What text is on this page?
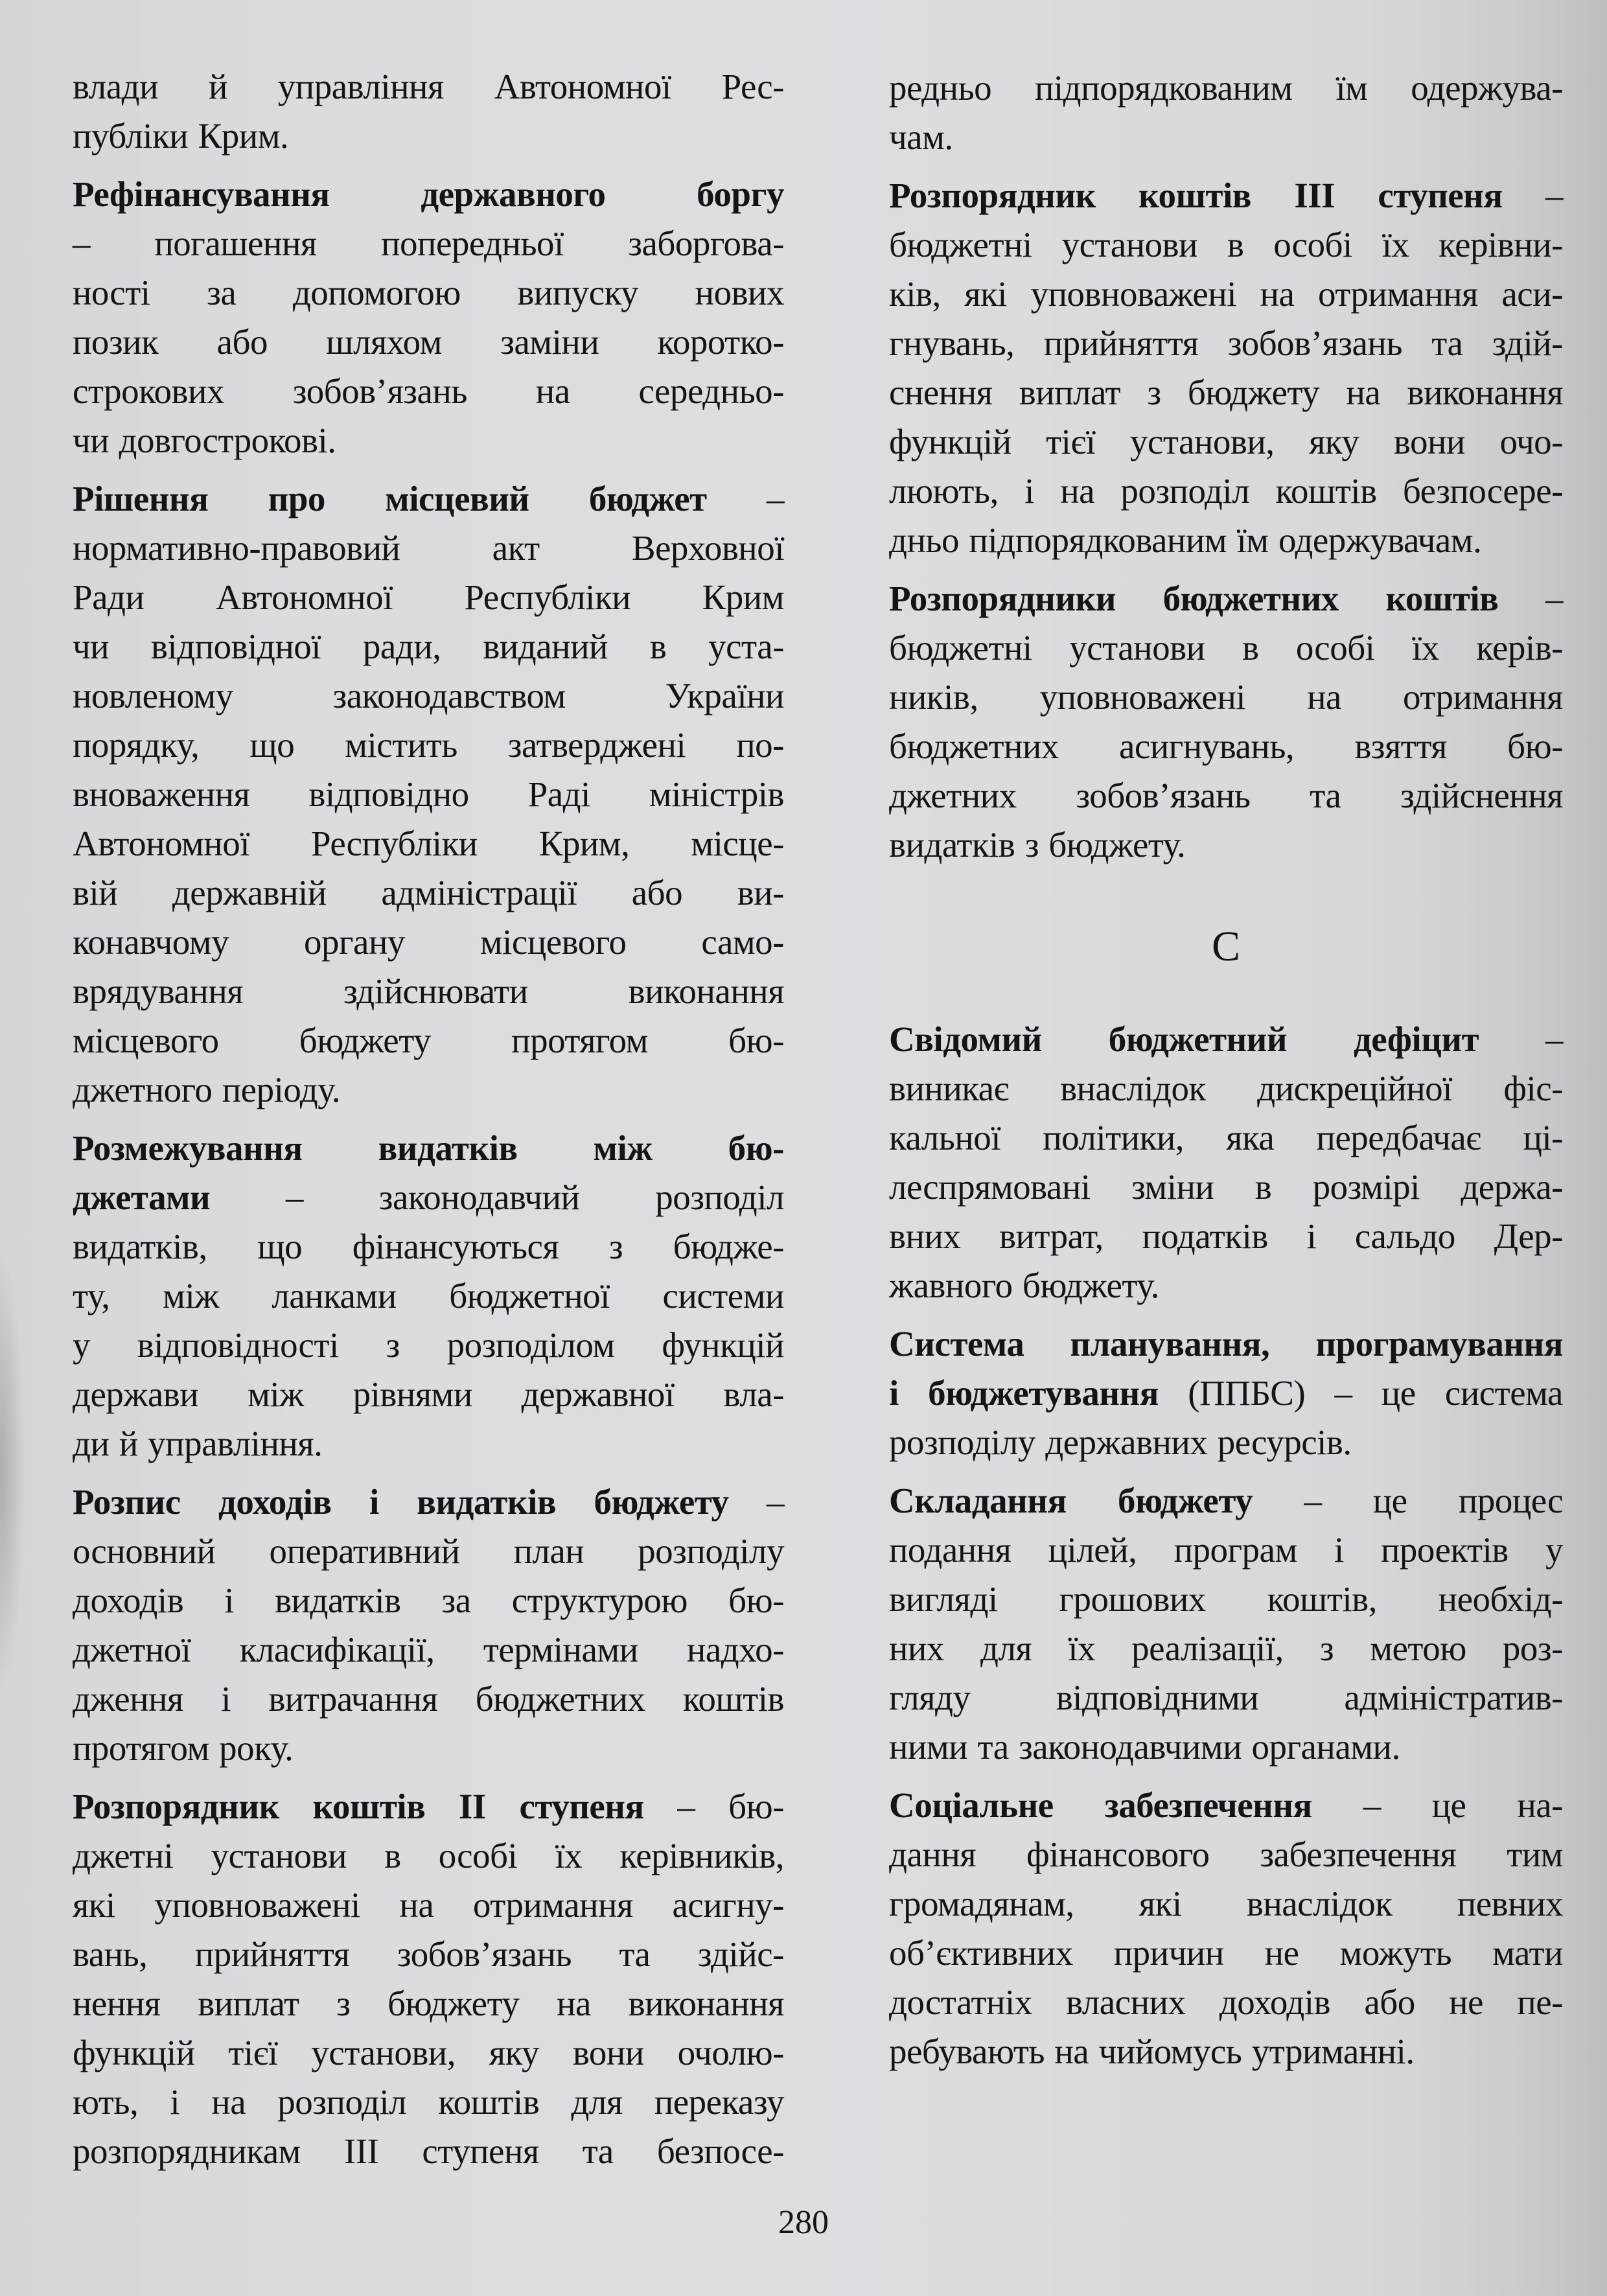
влади й управління Автономної Рес-
публіки Крим.
Рефінансування	державного	боргу
– погашення попередньої заборгова-
ності за допомогою випуску нових
позик або шляхом заміни коротко-
строкових зобов’язань на середньо-
чи довгострокові.
Рішення про місцевий бюджет –
нормативно-правовий	акт	Верховної
Ради Автономної Республіки Крим
чи відповідної ради, виданий в уста-
новленому	законодавством	України
порядку, що містить затверджені по-
вноваження відповідно Раді міністрів
Автономної Республіки Крим, місце-
вій державній адміністрації або ви-
конавчому органу місцевого само-
врядування	здійснювати	виконання
місцевого бюджету протягом бю-
джетного періоду.
Розмежування видатків між бю-
джетами – законодавчий розподіл
видатків, що фінансуються з бюдже-
ту, між ланками бюджетної системи
у відповідності з розподілом функцій
держави між рівнями державної вла-
ди й управління.
Розпис доходів і видатків бюджету –
основний оперативний план розподілу
доходів і видатків за структурою бю-
джетної класифікації, термінами надхо-
дження і витрачання бюджетних коштів
протягом року.
Розпорядник коштів II ступеня – бю-
джетні установи в особі їх керівників,
які уповноважені на отримання асигну-
вань, прийняття зобов’язань та здійс-
нення виплат з бюджету на виконання
функцій тієї установи, яку вони очолю-
ють, і на розподіл коштів для переказу
розпорядникам III ступеня та безпосе-
редньо підпорядкованим їм одержува-
чам.
Розпорядник коштів III ступеня –
бюджетні установи в особі їх керівни-
ків, які уповноважені на отримання аси-
гнувань, прийняття зобов’язань та здій-
снення виплат з бюджету на виконання
функцій тієї установи, яку вони очо-
люють, і на розподіл коштів безпосере-
дньо підпорядкованим їм одержувачам.
Розпорядники бюджетних коштів –
бюджетні установи в особі їх керів-
ників, уповноважені на отримання
бюджетних асигнувань, взяття бю-
джетних зобов’язань та здійснення
видатків з бюджету.
С
Свідомий бюджетний дефіцит –
виникає внаслідок дискреційної фіс-
кальної політики, яка передбачає ці-
леспрямовані зміни в розмірі держа-
вних витрат, податків і сальдо Дер-
жавного бюджету.
Система планування, програмування
і бюджетування (ППБС) – це система
розподілу державних ресурсів.
Складання бюджету – це процес
подання цілей, програм і проектів у
вигляді грошових коштів, необхід-
них для їх реалізації, з метою роз-
гляду відповідними адміністратив-
ними та законодавчими органами.
Соціальне забезпечення – це на-
дання фінансового забезпечення тим
громадянам, які внаслідок певних
об’єктивних причин не можуть мати
достатніх власних доходів або не пе-
ребувають на чийомусь утриманні.
280
